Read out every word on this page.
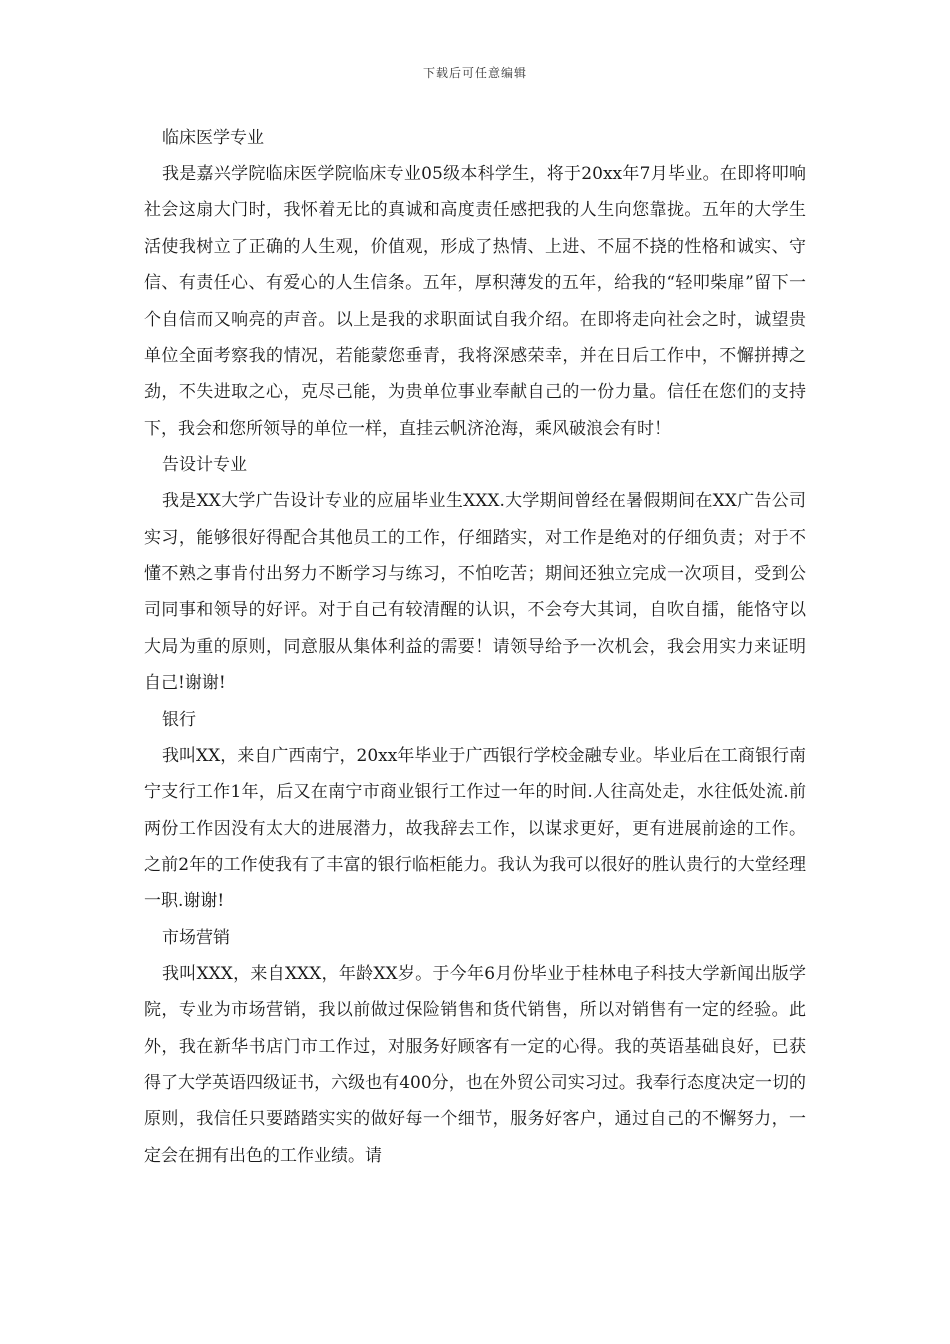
下载后可任意编辑

临床医学专业

我是嘉兴学院临床医学院临床专业05级本科学生，将于20xx年7月毕业。在即将叩响社会这扇大门时，我怀着无比的真诚和高度责任感把我的人生向您靠拢。五年的大学生活使我树立了正确的人生观，价值观，形成了热情、上进、不屈不挠的性格和诚实、守信、有责任心、有爱心的人生信条。五年，厚积薄发的五年，给我的“轻叩柴扉”留下一个自信而又响亮的声音。以上是我的求职面试自我介绍。在即将走向社会之时，诚望贵单位全面考察我的情况，若能蒙您垂青，我将深感荣幸，并在日后工作中，不懈拼搏之劲，不失进取之心，克尽己能，为贵单位事业奉献自己的一份力量。信任在您们的支持下，我会和您所领导的单位一样，直挂云帆济沧海，乘风破浪会有时！

告设计专业

我是XX大学广告设计专业的应届毕业生XXX.大学期间曾经在暑假期间在XX广告公司实习，能够很好得配合其他员工的工作，仔细踏实，对工作是绝对的仔细负责；对于不懂不熟之事肯付出努力不断学习与练习，不怕吃苦；期间还独立完成一次项目，受到公司同事和领导的好评。对于自己有较清醒的认识，不会夸大其词，自吹自擂，能恪守以大局为重的原则，同意服从集体利益的需要！请领导给予一次机会，我会用实力来证明自己!谢谢!

银行

我叫XX，来自广西南宁，20xx年毕业于广西银行学校金融专业。毕业后在工商银行南宁支行工作1年，后又在南宁市商业银行工作过一年的时间.人往高处走，水往低处流.前两份工作因没有太大的进展潜力，故我辞去工作，以谋求更好，更有进展前途的工作。之前2年的工作使我有了丰富的银行临柜能力。我认为我可以很好的胜认贵行的大堂经理一职.谢谢!

市场营销

我叫XXX，来自XXX，年龄XX岁。于今年6月份毕业于桂林电子科技大学新闻出版学院，专业为市场营销，我以前做过保险销售和货代销售，所以对销售有一定的经验。此外，我在新华书店门市工作过，对服务好顾客有一定的心得。我的英语基础良好，已获得了大学英语四级证书，六级也有400分，也在外贸公司实习过。我奉行态度决定一切的原则，我信任只要踏踏实实的做好每一个细节，服务好客户，通过自己的不懈努力，一定会在拥有出色的工作业绩。请
